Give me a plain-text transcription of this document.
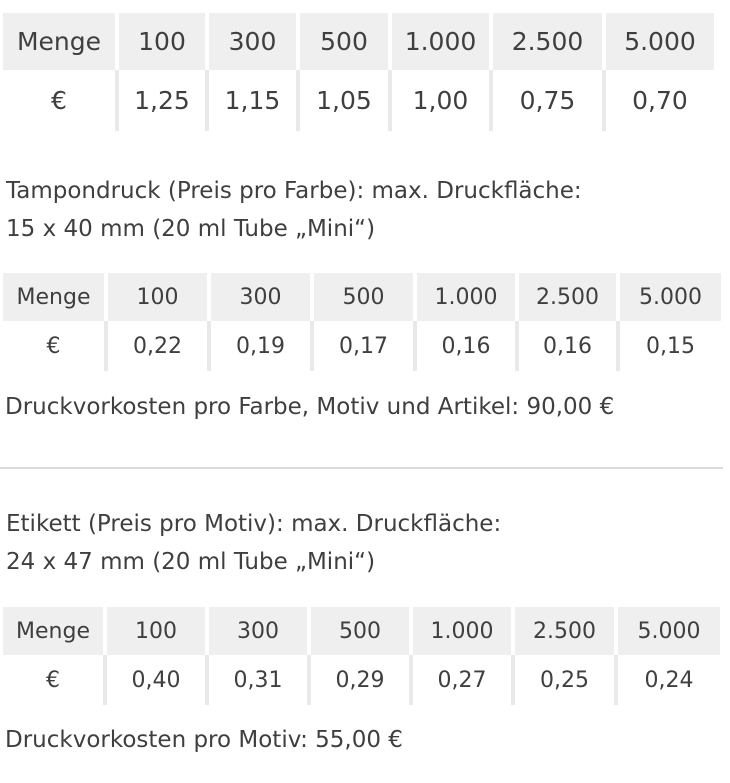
Menge	100	300	500	1.000	2.500	5.000
€	1,25	1,15	1,05	1,00	0,75	0,70

Tampondruck (Preis pro Farbe): max. Druckfläche:
15 x 40 mm (20 ml Tube „Mini“)

Menge	100	300	500	1.000	2.500	5.000
€	0,22	0,19	0,17	0,16	0,16	0,15

Druckvorkosten pro Farbe, Motiv und Artikel: 90,00 €

Etikett (Preis pro Motiv): max. Druckfläche:
24 x 47 mm (20 ml Tube „Mini“)

Menge	100	300	500	1.000	2.500	5.000
€	0,40	0,31	0,29	0,27	0,25	0,24

Druckvorkosten pro Motiv: 55,00 €
